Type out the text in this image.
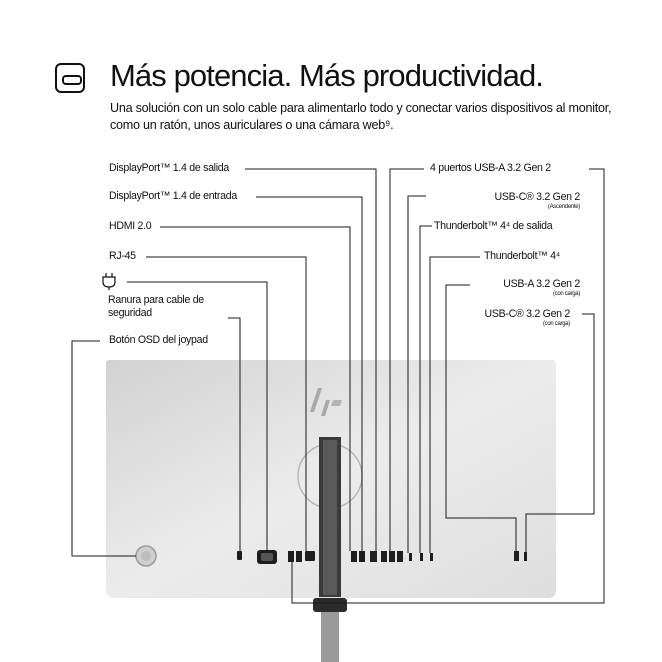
Más potencia. Más productividad.
Una solución con un solo cable para alimentarlo todo y conectar varios dispositivos al monitor, como un ratón, unos auriculares o una cámara web⁹.
DisplayPort™ 1.4 de salida
DisplayPort™ 1.4 de entrada
HDMI 2.0
RJ-45
Ranura para cable de seguridad
Botón OSD del joypad
4 puertos USB-A 3.2 Gen 2
USB-C® 3.2 Gen 2
(Ascendente)
Thunderbolt™ 4⁴ de salida
Thunderbolt™ 4⁴
USB-A 3.2 Gen 2
(con carga)
USB-C® 3.2 Gen 2
(con carga)
